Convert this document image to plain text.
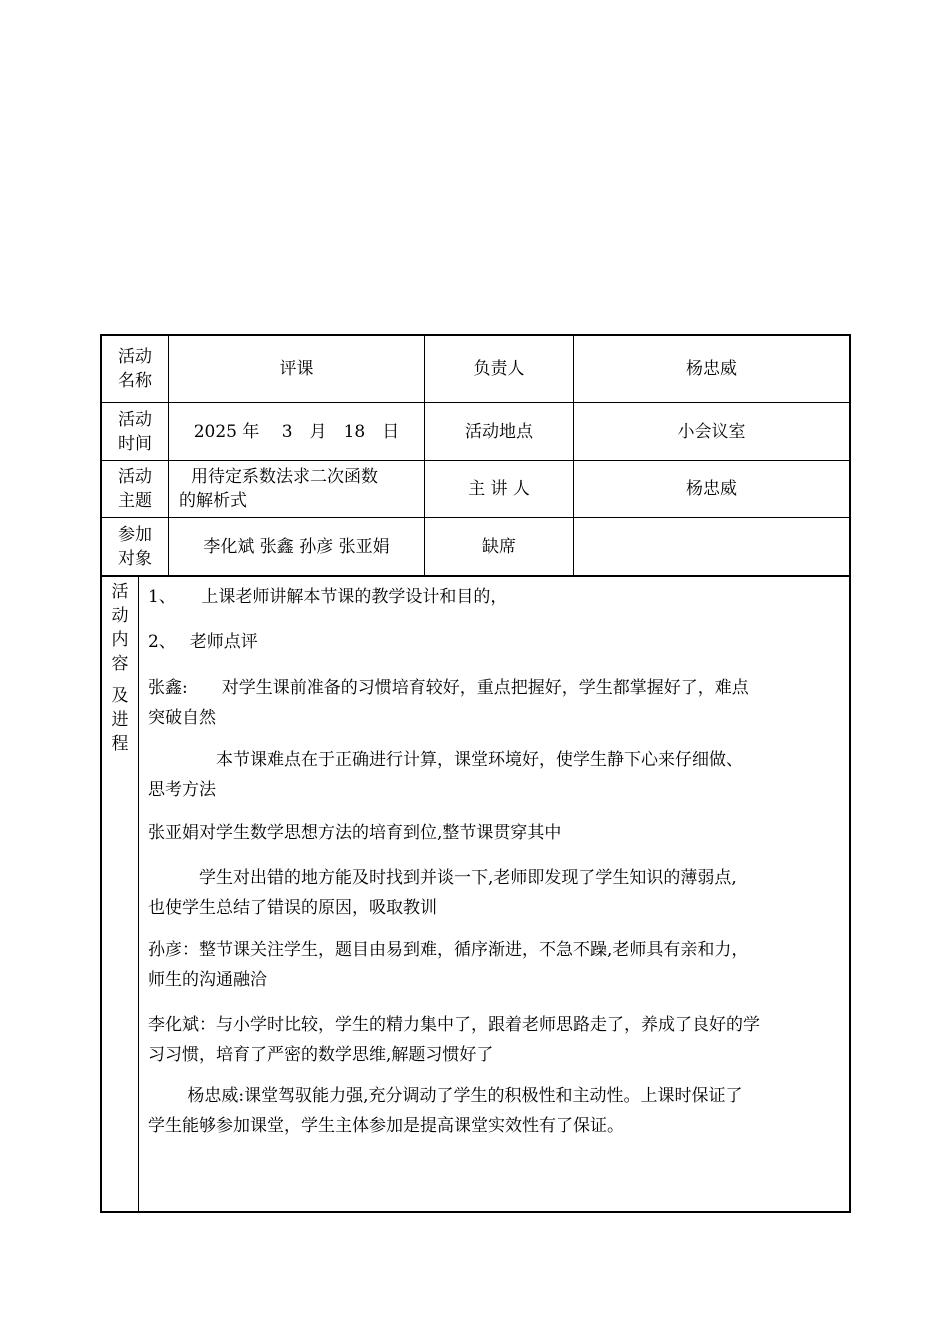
活动
名称
评课	负责人	杨忠威
活动
时间
2025 年　 3　月　18　日	活动地点	小会议室
活动
主题
用待定系数法求二次函数
的解析式
主 讲 人	杨忠威
参加
对象
李化斌 张鑫 孙彦 张亚娟	缺席
活
动
内
容
及
进
程
1、　　上课老师讲解本节课的教学设计和目的，
2、　 老师点评
张鑫:　　对学生课前准备的习惯培育较好，重点把握好，学生都掌握好了，难点
突破自然
　　　　本节课难点在于正确进行计算，课堂环境好，使学生静下心来仔细做、
思考方法
张亚娟对学生数学思想方法的培育到位,整节课贯穿其中
　　　学生对出错的地方能及时找到并谈一下,老师即发现了学生知识的薄弱点,
也使学生总结了错误的原因，吸取教训
孙彦：整节课关注学生，题目由易到难，循序渐进，不急不躁,老师具有亲和力，
师生的沟通融洽
李化斌：与小学时比较，学生的精力集中了，跟着老师思路走了，养成了良好的学
习习惯，培育了严密的数学思维,解题习惯好了
　　 杨忠威:课堂驾驭能力强,充分调动了学生的积极性和主动性。上课时保证了
学生能够参加课堂，学生主体参加是提高课堂实效性有了保证。
